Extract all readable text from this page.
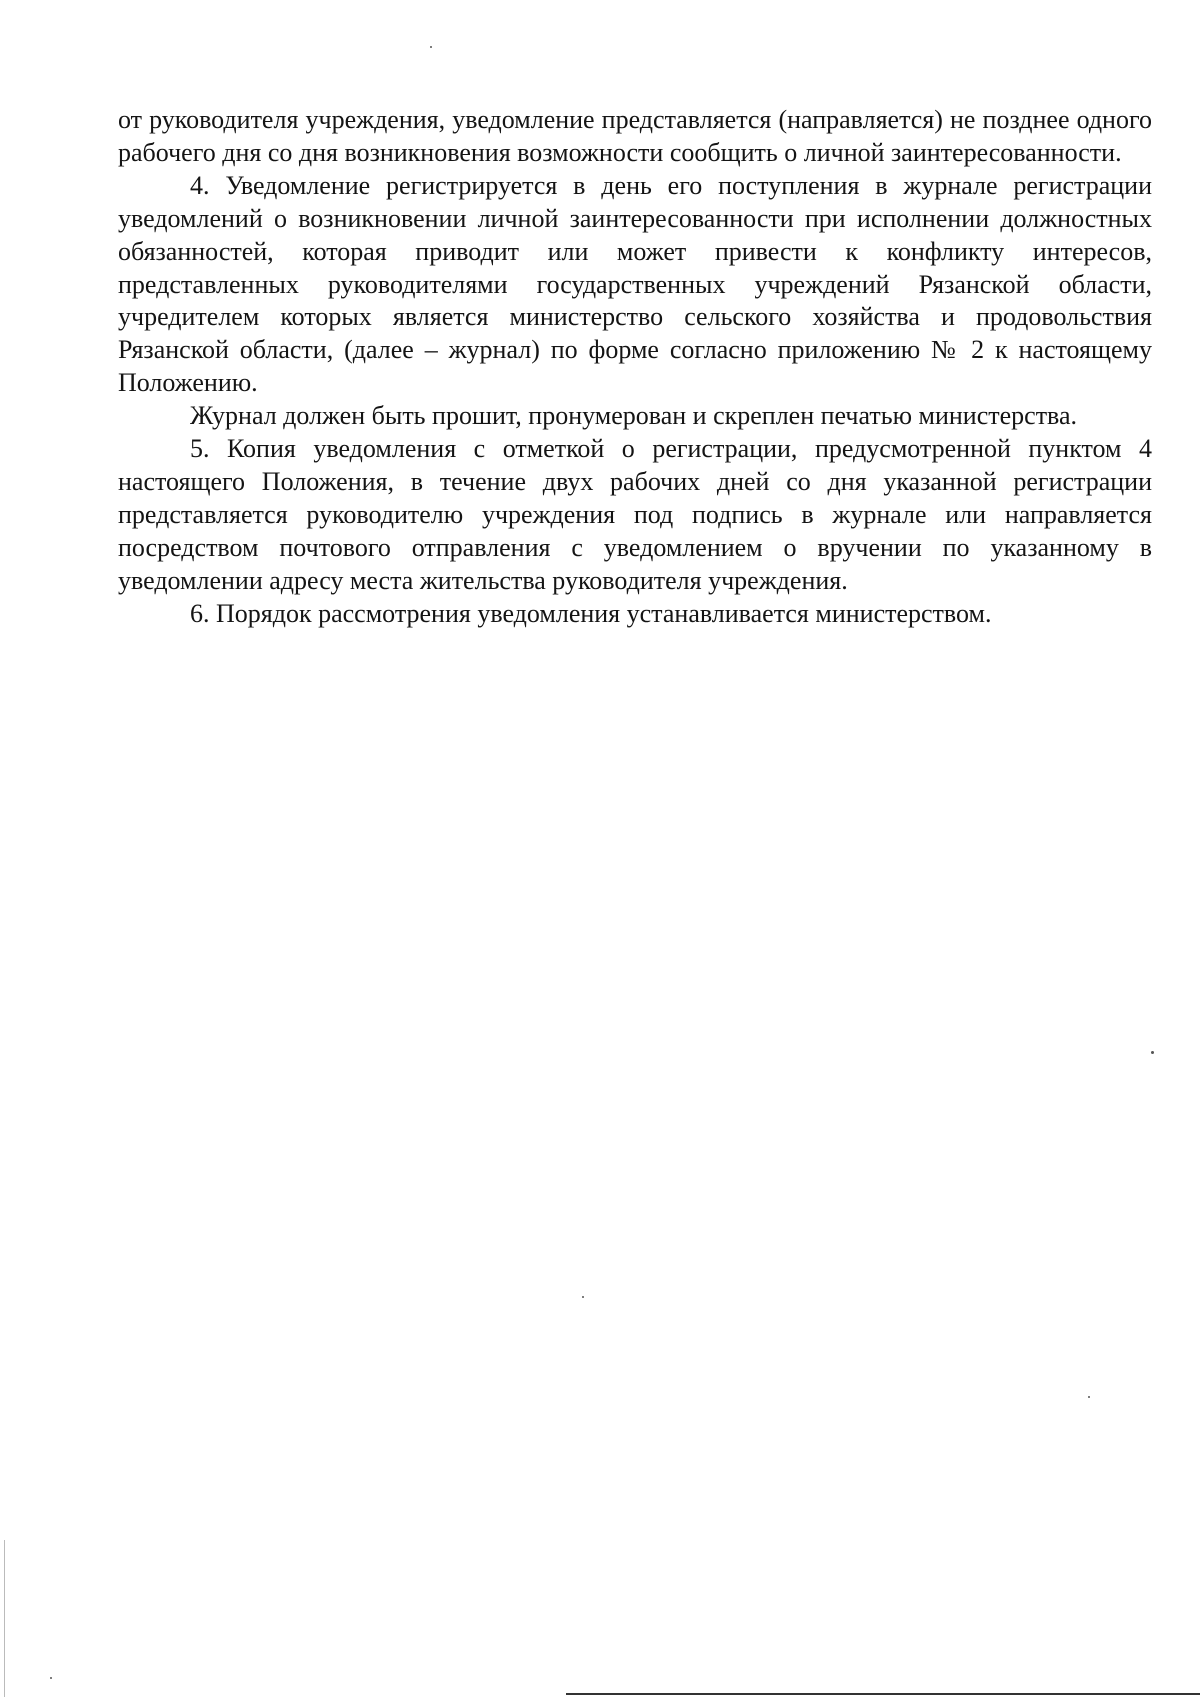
от руководителя учреждения, уведомление представляется (направляется) не позднее одного рабочего дня со дня возникновения возможности сообщить о личной заинтересованности.

4. Уведомление регистрируется в день его поступления в журнале регистрации уведомлений о возникновении личной заинтересованности при исполнении должностных обязанностей, которая приводит или может привести к конфликту интересов, представленных руководителями государственных учреждений Рязанской области, учредителем которых является министерство сельского хозяйства и продовольствия Рязанской области, (далее – журнал) по форме согласно приложению № 2 к настоящему Положению.

Журнал должен быть прошит, пронумерован и скреплен печатью министерства.

5. Копия уведомления с отметкой о регистрации, предусмотренной пунктом 4 настоящего Положения, в течение двух рабочих дней со дня указанной регистрации представляется руководителю учреждения под подпись в журнале или направляется посредством почтового отправления с уведомлением о вручении по указанному в уведомлении адресу места жительства руководителя учреждения.

6. Порядок рассмотрения уведомления устанавливается министерством.
